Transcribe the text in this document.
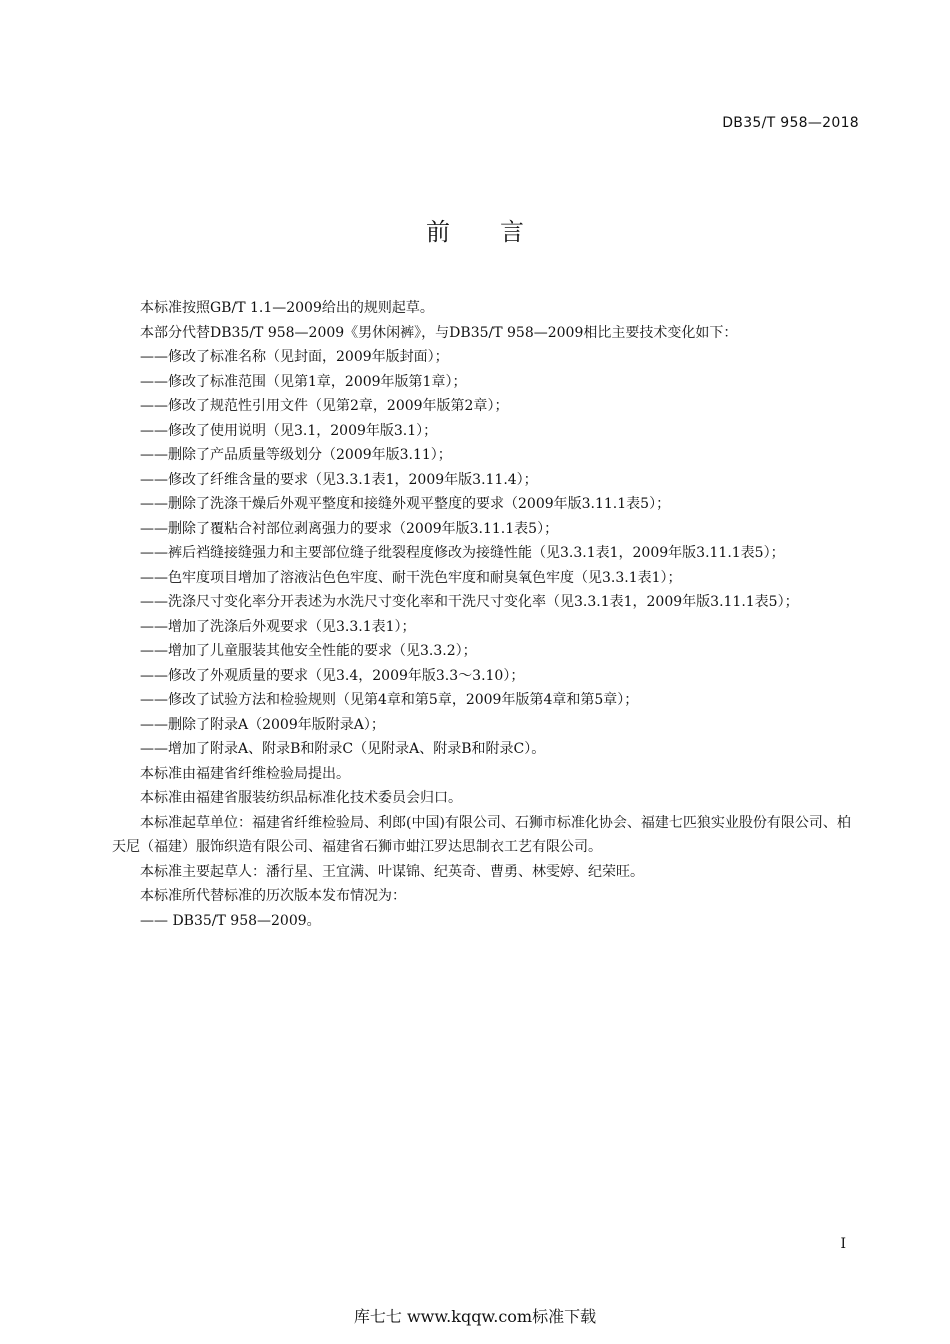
DB35/T 958—2018
前言

本标准按照GB/T 1.1—2009给出的规则起草。

本部分代替DB35/T 958—2009《男休闲裤》，与DB35/T 958—2009相比主要技术变化如下：

——修改了标准名称（见封面，2009年版封面）；

——修改了标准范围（见第1章，2009年版第1章）；

——修改了规范性引用文件（见第2章，2009年版第2章）；

——修改了使用说明（见3.1，2009年版3.1）；

——删除了产品质量等级划分（2009年版3.11）；

——修改了纤维含量的要求（见3.3.1表1，2009年版3.11.4）；

——删除了洗涤干燥后外观平整度和接缝外观平整度的要求（2009年版3.11.1表5）；

——删除了覆粘合衬部位剥离强力的要求（2009年版3.11.1表5）；

——裤后裆缝接缝强力和主要部位缝子纰裂程度修改为接缝性能（见3.3.1表1，2009年版3.11.1表5）；

——色牢度项目增加了溶液沾色色牢度、耐干洗色牢度和耐臭氧色牢度（见3.3.1表1）；

——洗涤尺寸变化率分开表述为水洗尺寸变化率和干洗尺寸变化率（见3.3.1表1，2009年版3.11.1表5）；

——增加了洗涤后外观要求（见3.3.1表1）；

——增加了儿童服装其他安全性能的要求（见3.3.2）；

——修改了外观质量的要求（见3.4，2009年版3.3～3.10）；

——修改了试验方法和检验规则（见第4章和第5章，2009年版第4章和第5章）；

——删除了附录A（2009年版附录A）；

——增加了附录A、附录B和附录C（见附录A、附录B和附录C）。

本标准由福建省纤维检验局提出。

本标准由福建省服装纺织品标准化技术委员会归口。

本标准起草单位：福建省纤维检验局、利郎(中国)有限公司、石狮市标准化协会、福建七匹狼实业股份有限公司、柏天尼（福建）服饰织造有限公司、福建省石狮市蚶江罗达思制衣工艺有限公司。

本标准主要起草人：潘行星、王宜满、叶谋锦、纪英奇、曹勇、林雯婷、纪荣旺。

本标准所代替标准的历次版本发布情况为：

—— DB35/T 958—2009。

I
库七七 www.kqqw.com标准下载
